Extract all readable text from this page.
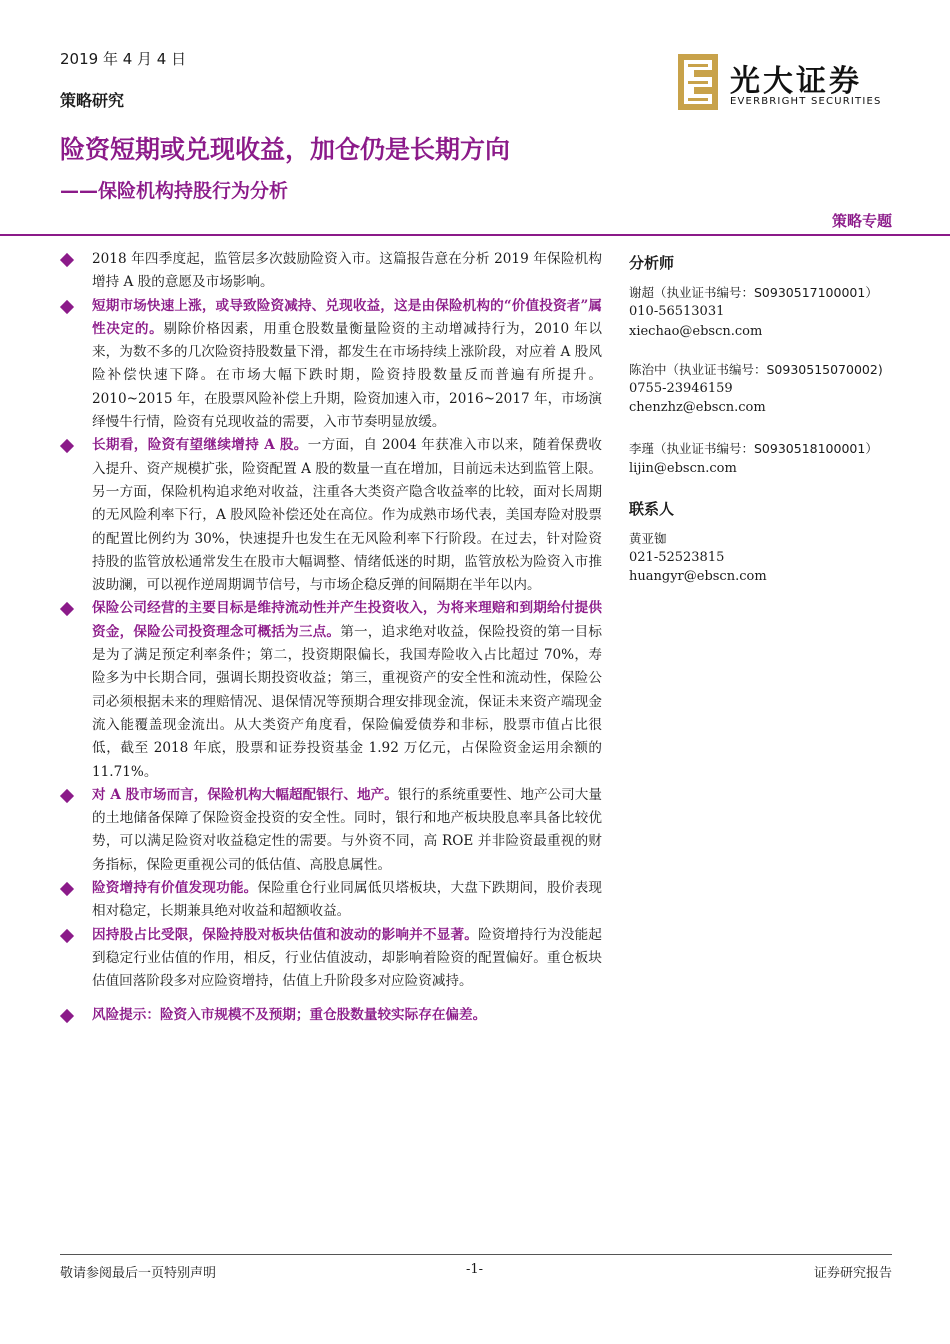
2019 年 4 月 4 日
策略研究
光大证券
EVERBRIGHT SECURITIES
险资短期或兑现收益，加仓仍是长期方向
——保险机构持股行为分析
策略专题

2018 年四季度起，监管层多次鼓励险资入市。这篇报告意在分析 2019 年保险机构增持 A 股的意愿及市场影响。

短期市场快速上涨，或导致险资减持、兑现收益，这是由保险机构的“价值投资者”属性决定的。剔除价格因素，用重仓股数量衡量险资的主动增减持行为，2010 年以来，为数不多的几次险资持股数量下滑，都发生在市场持续上涨阶段，对应着 A 股风险补偿快速下降。在市场大幅下跌时期，险资持股数量反而普遍有所提升。2010~2015 年，在股票风险补偿上升期，险资加速入市，2016~2017 年，市场演绎慢牛行情，险资有兑现收益的需要，入市节奏明显放缓。

长期看，险资有望继续增持 A 股。一方面，自 2004 年获准入市以来，随着保费收入提升、资产规模扩张，险资配置 A 股的数量一直在增加，目前远未达到监管上限。另一方面，保险机构追求绝对收益，注重各大类资产隐含收益率的比较，面对长周期的无风险利率下行，A 股风险补偿还处在高位。作为成熟市场代表，美国寿险对股票的配置比例约为 30%，快速提升也发生在无风险利率下行阶段。在过去，针对险资持股的监管放松通常发生在股市大幅调整、情绪低迷的时期，监管放松为险资入市推波助澜，可以视作逆周期调节信号，与市场企稳反弹的间隔期在半年以内。

保险公司经营的主要目标是维持流动性并产生投资收入，为将来理赔和到期给付提供资金，保险公司投资理念可概括为三点。第一，追求绝对收益，保险投资的第一目标是为了满足预定利率条件；第二，投资期限偏长，我国寿险收入占比超过 70%，寿险多为中长期合同，强调长期投资收益；第三，重视资产的安全性和流动性，保险公司必须根据未来的理赔情况、退保情况等预期合理安排现金流，保证未来资产端现金流入能覆盖现金流出。从大类资产角度看，保险偏爱债券和非标，股票市值占比很低，截至 2018 年底，股票和证券投资基金 1.92 万亿元，占保险资金运用余额的 11.71%。

对 A 股市场而言，保险机构大幅超配银行、地产。银行的系统重要性、地产公司大量的土地储备保障了保险资金投资的安全性。同时，银行和地产板块股息率具备比较优势，可以满足险资对收益稳定性的需要。与外资不同，高 ROE 并非险资最重视的财务指标，保险更重视公司的低估值、高股息属性。

险资增持有价值发现功能。保险重仓行业同属低贝塔板块，大盘下跌期间，股价表现相对稳定，长期兼具绝对收益和超额收益。

因持股占比受限，保险持股对板块估值和波动的影响并不显著。险资增持行为没能起到稳定行业估值的作用，相反，行业估值波动，却影响着险资的配置偏好。重仓板块估值回落阶段多对应险资增持，估值上升阶段多对应险资减持。

风险提示：险资入市规模不及预期；重仓股数量较实际存在偏差。

分析师

谢超（执业证书编号：S0930517100001）

010-56513031

xiechao@ebscn.com

陈治中（执业证书编号：S0930515070002)

0755-23946159

chenzhz@ebscn.com

李瑾（执业证书编号：S0930518100001）

lijin@ebscn.com

联系人

黄亚铷

021-52523815

huangyr@ebscn.com

敬请参阅最后一页特别声明	-1-	证券研究报告
